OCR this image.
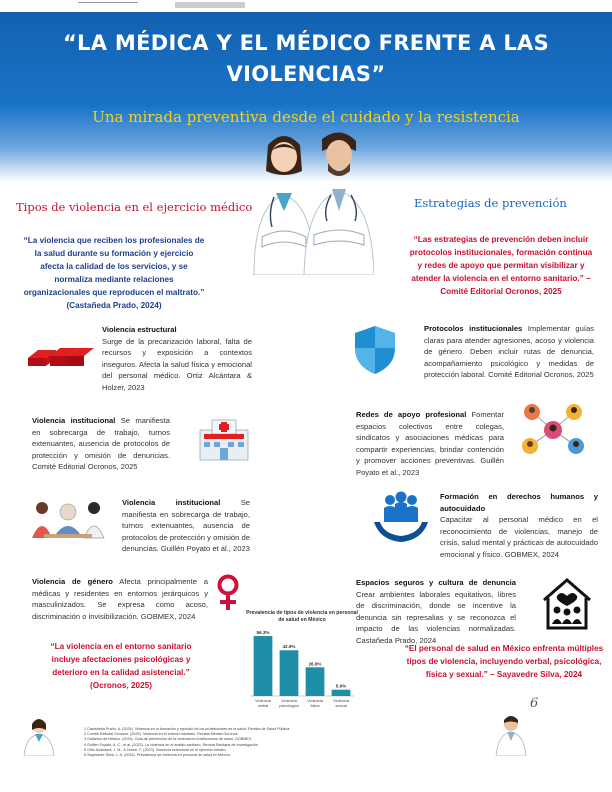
“LA MÉDICA Y EL MÉDICO FRENTE A LAS VIOLENCIAS”
Una mirada preventiva desde el cuidado y la resistencia
Tipos de violencia en el ejercicio médico
“La violencia que reciben los profesionales de la salud durante su formación y ejercicio afecta la calidad de los servicios, y se normaliza mediante relaciones organizacionales que reproducen el maltrato.” (Castañeda Prado, 2024)
Violencia estructural
Surge de la precarización laboral, falta de recursos y exposición a contextos inseguros. Afecta la salud física y emocional del personal médico. Ortiz Alcántara & Holzer, 2023
Violencia institucional Se manifiesta en sobrecarga de trabajo, turnos extenuantes, ausencia de protocolos de protección y omisión de denuncias. Comité Editorial Ocronos, 2025
Violencia institucional	Se manifiesta en sobrecarga de trabajo, turnos extenuantes, ausencia de protocolos de protección y omisión de denuncias. Guillén Poyato et al., 2023
Violencia de género Afecta principalmente a médicas y residentes en entornos jerárquicos y masculinizados. Se expresa como acoso, discriminación o invisibilización. GOBMEX, 2024
“La violencia en el entorno sanitario incluye afectaciones psicológicas y deterioro en la calidad asistencial.” (Ocronos, 2025)
Estrategias de prevención
“Las estrategias de prevención deben incluir protocolos institucionales, formación continua y redes de apoyo que permitan visibilizar y atender la violencia en el entorno sanitario.” – Comité Editorial Ocronos, 2025
Protocolos institucionales Implementar guías claras para atender agresiones, acoso y violencia de género. Deben incluir rutas de denuncia, acompañamiento psicológico y medidas de protección laboral. Comité Editorial Ocronos, 2025
Redes de apoyo profesional Fomentar espacios colectivos entre colegas, sindicatos y asociaciones médicas para compartir experiencias, brindar contención y promover acciones preventivas. Guillén Poyato et al., 2023
Formación en derechos humanos y autocuidado
Capacitar al personal médico en el reconocimiento de violencias, manejo de crisis, salud mental y prácticas de autocuidado emocional y físico. GOBMEX, 2024
Espacios seguros y cultura de denuncia Crear ambientes laborales equitativos, libres de discriminación, donde se incentive la denuncia sin represalias y se reconozca el impacto de las violencias normalizadas. Castañeda Prado, 2024
“El personal de salud en México enfrenta múltiples tipos de violencia, incluyendo verbal, psicológica, física y sexual.” – Sayavedre Silva, 2024
Prevalencia de tipos de violencia en personal de salud en México
56.3%
Violencia
verbal
42.9%
Violencia
psicológica
26.9%
Violencia
física
5.9%
Violencia
sexual
1 Castañeda Prado, A. (2024). Violencia en la formación y ejercicio de los profesionales de la salud. Revista de Salud Pública.
2 Comité Editorial Ocronos. (2025). Violencia en el entorno sanitario. Revista Médica Ocronos.
3 Gobierno de México. (2024). Guía de prevención de la violencia en instituciones de salud. GOBMEX.
4 Guillén Poyato, A. C., et al. (2023). La violencia en el ámbito sanitario. Revista Sanitaria de Investigación.
5 Ortiz Alcántara, J. M., & Holzer, F. (2023). Violencia estructural en el ejercicio médico.
6 Sayavedre Silva, L. A. (2024). Prevalencia de violencia en personal de salud en México.
6
